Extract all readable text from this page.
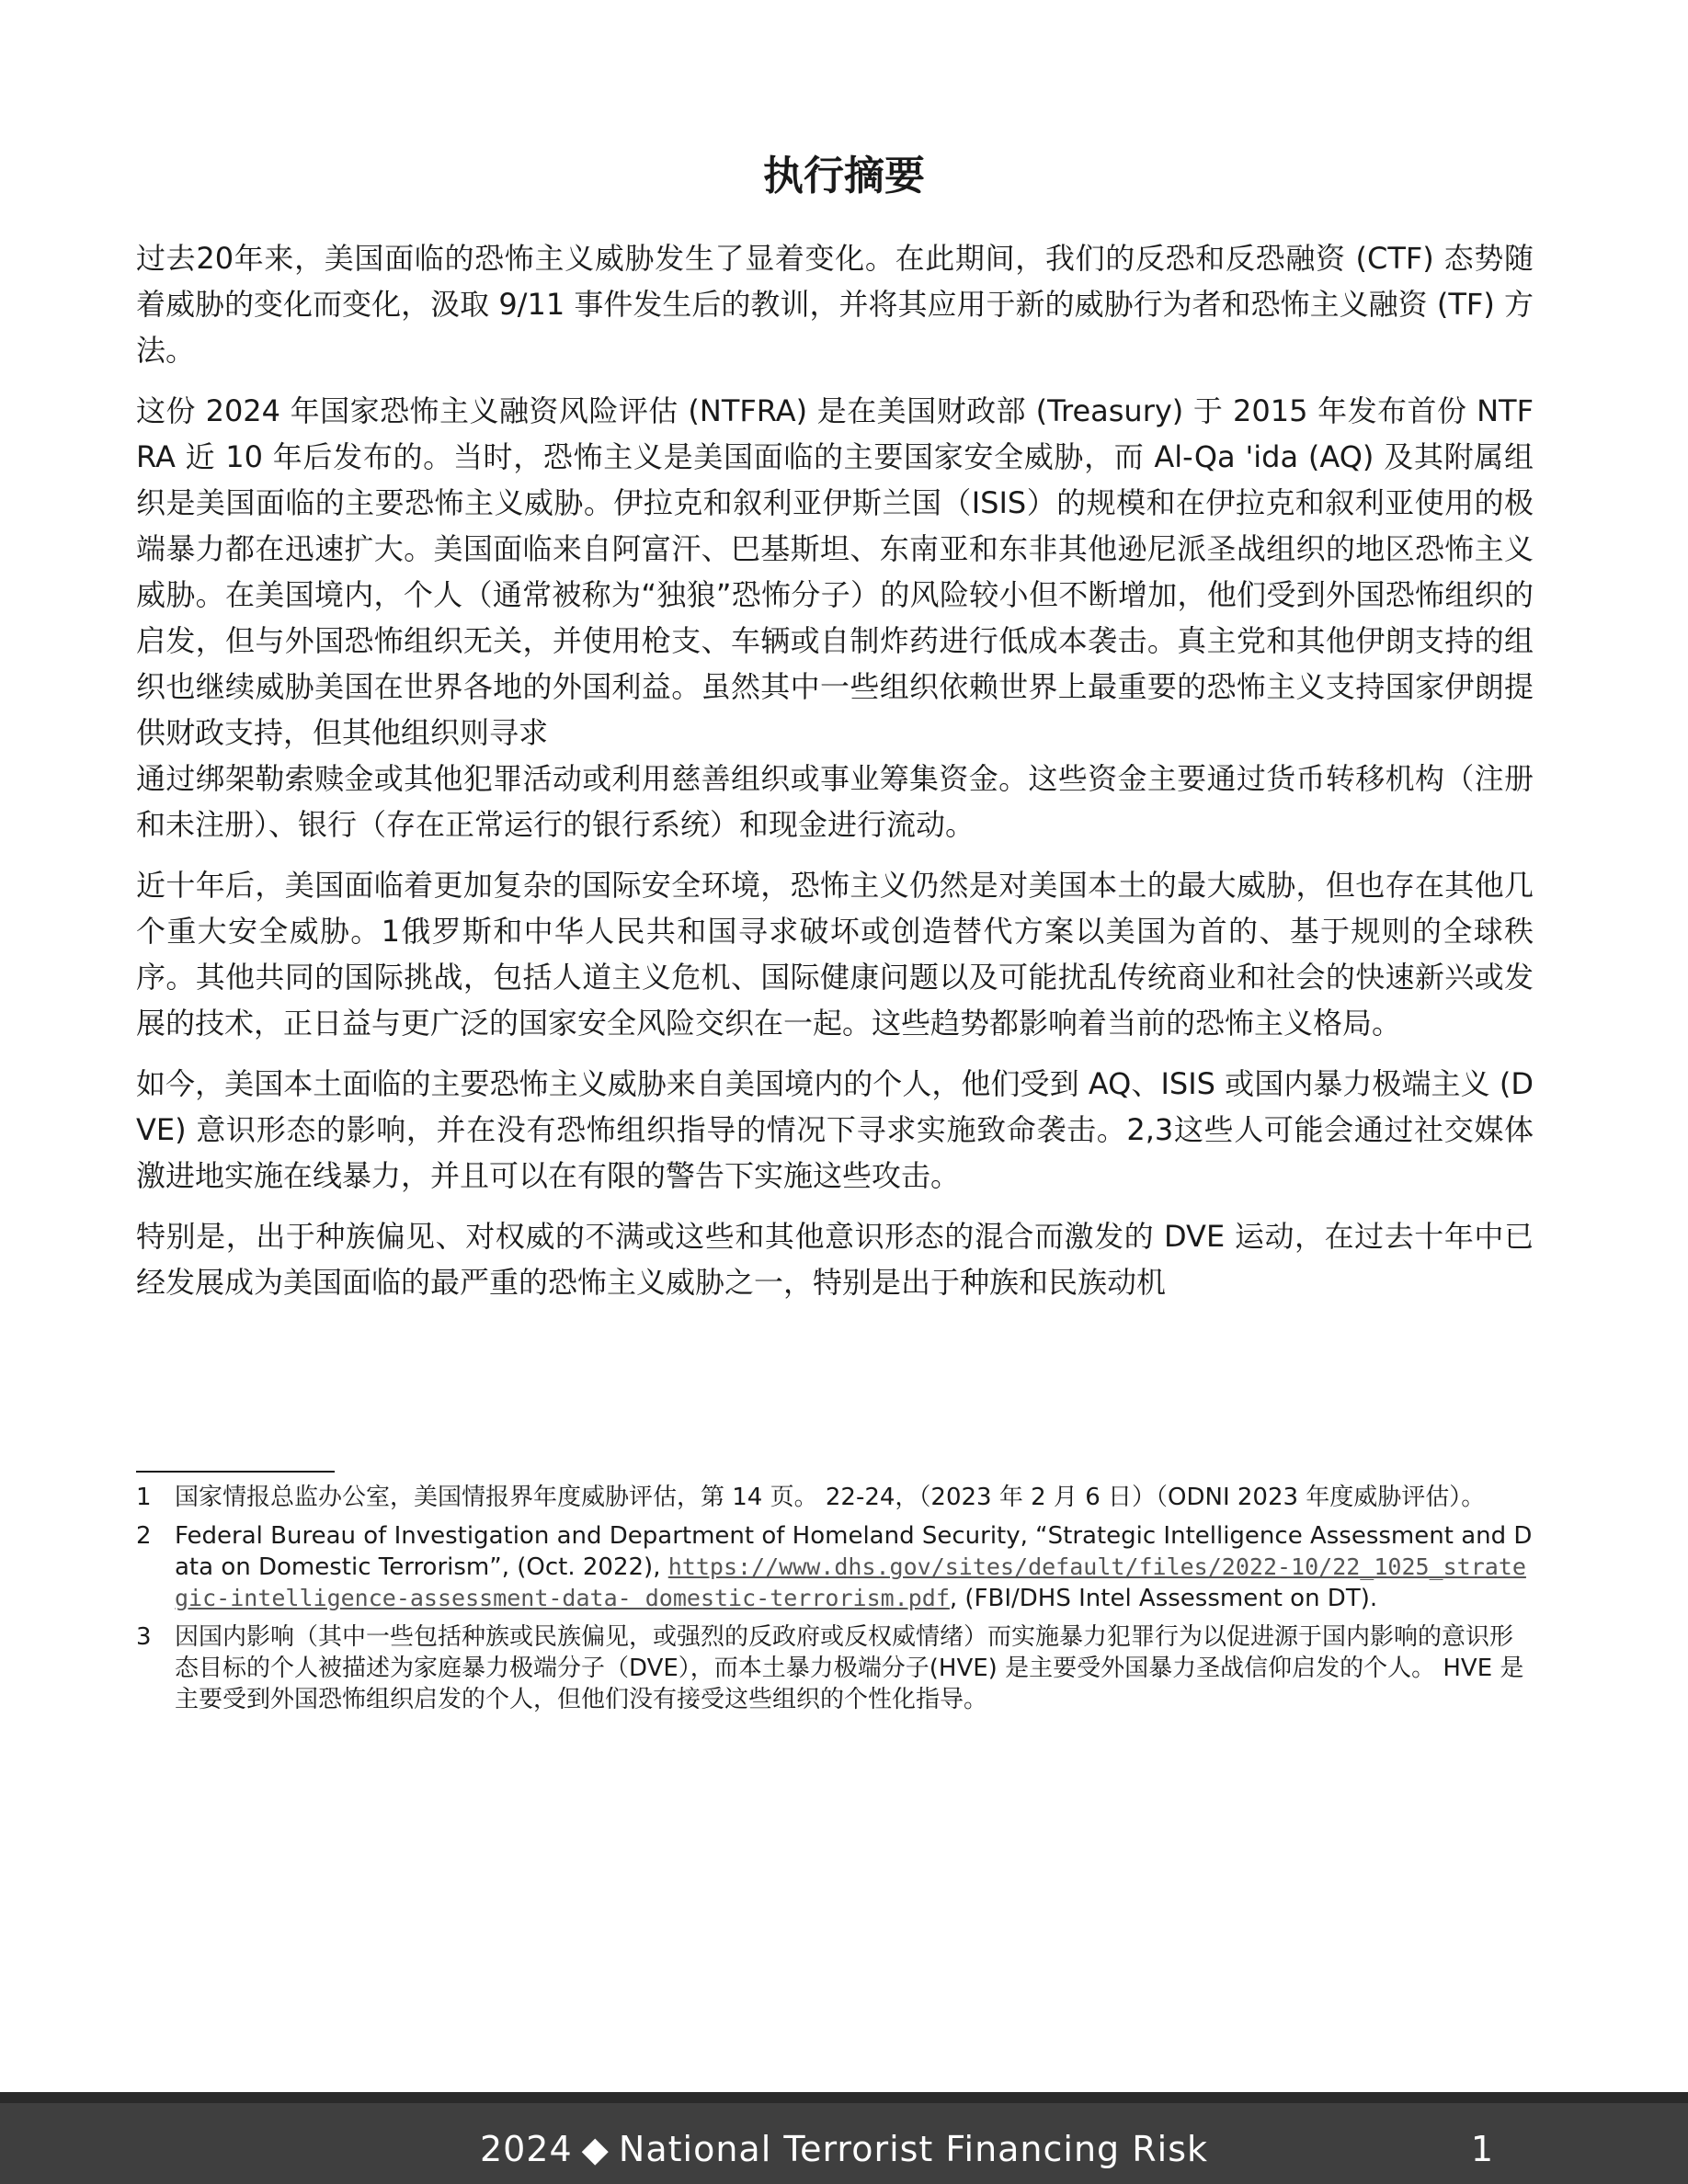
执行摘要

过去20年来，美国面临的恐怖主义威胁发生了显着变化。在此期间，我们的反恐和反恐融资 (CTF) 态势随着威胁的变化而变化，汲取 9/11 事件发生后的教训，并将其应用于新的威胁行为者和恐怖主义融资 (TF) 方法。

这份 2024 年国家恐怖主义融资风险评估 (NTFRA) 是在美国财政部 (Treasury) 于 2015 年发布首份 NTFRA 近 10 年后发布的。当时，恐怖主义是美国面临的主要国家安全威胁，而 Al-Qa 'ida (AQ) 及其附属组织是美国面临的主要恐怖主义威胁。伊拉克和叙利亚伊斯兰国（ISIS）的规模和在伊拉克和叙利亚使用的极端暴力都在迅速扩大。美国面临来自阿富汗、巴基斯坦、东南亚和东非其他逊尼派圣战组织的地区恐怖主义威胁。在美国境内，个人（通常被称为“独狼”恐怖分子）的风险较小但不断增加，他们受到外国恐怖组织的启发，但与外国恐怖组织无关，并使用枪支、车辆或自制炸药进行低成本袭击。真主党和其他伊朗支持的组织也继续威胁美国在世界各地的外国利益。虽然其中一些组织依赖世界上最重要的恐怖主义支持国家伊朗提供财政支持，但其他组织则寻求

通过绑架勒索赎金或其他犯罪活动或利用慈善组织或事业筹集资金。这些资金主要通过货币转移机构（注册和未注册）、银行（存在正常运行的银行系统）和现金进行流动。

近十年后，美国面临着更加复杂的国际安全环境，恐怖主义仍然是对美国本土的最大威胁，但也存在其他几个重大安全威胁。1俄罗斯和中华人民共和国寻求破坏或创造替代方案以美国为首的、基于规则的全球秩序。其他共同的国际挑战，包括人道主义危机、国际健康问题以及可能扰乱传统商业和社会的快速新兴或发展的技术，正日益与更广泛的国家安全风险交织在一起。这些趋势都影响着当前的恐怖主义格局。

如今，美国本土面临的主要恐怖主义威胁来自美国境内的个人，他们受到 AQ、ISIS 或国内暴力极端主义 (DVE) 意识形态的影响，并在没有恐怖组织指导的情况下寻求实施致命袭击。2,3这些人可能会通过社交媒体激进地实施在线暴力，并且可以在有限的警告下实施这些攻击。

特别是，出于种族偏见、对权威的不满或这些和其他意识形态的混合而激发的 DVE 运动，在过去十年中已经发展成为美国面临的最严重的恐怖主义威胁之一，特别是出于种族和民族动机

1 国家情报总监办公室，美国情报界年度威胁评估，第 14 页。 22-24，（2023 年 2 月 6 日）（ODNI 2023 年度威胁评估）。
2 Federal Bureau of Investigation and Department of Homeland Security, “Strategic Intelligence Assessment and Data on Domestic Terrorism”, (Oct. 2022), https://www.dhs.gov/sites/default/files/2022-10/22_1025_strategic-intelligence-assessment-data- domestic-terrorism.pdf, (FBI/DHS Intel Assessment on DT).
3 因国内影响（其中一些包括种族或民族偏见，或强烈的反政府或反权威情绪）而实施暴力犯罪行为以促进源于国内影响的意识形态目标的个人被描述为家庭暴力极端分子（DVE），而本土暴力极端分子(HVE) 是主要受外国暴力圣战信仰启发的个人。 HVE 是主要受到外国恐怖组织启发的个人，但他们没有接受这些组织的个性化指导。
2024 ◆ National Terrorist Financing Risk	1
